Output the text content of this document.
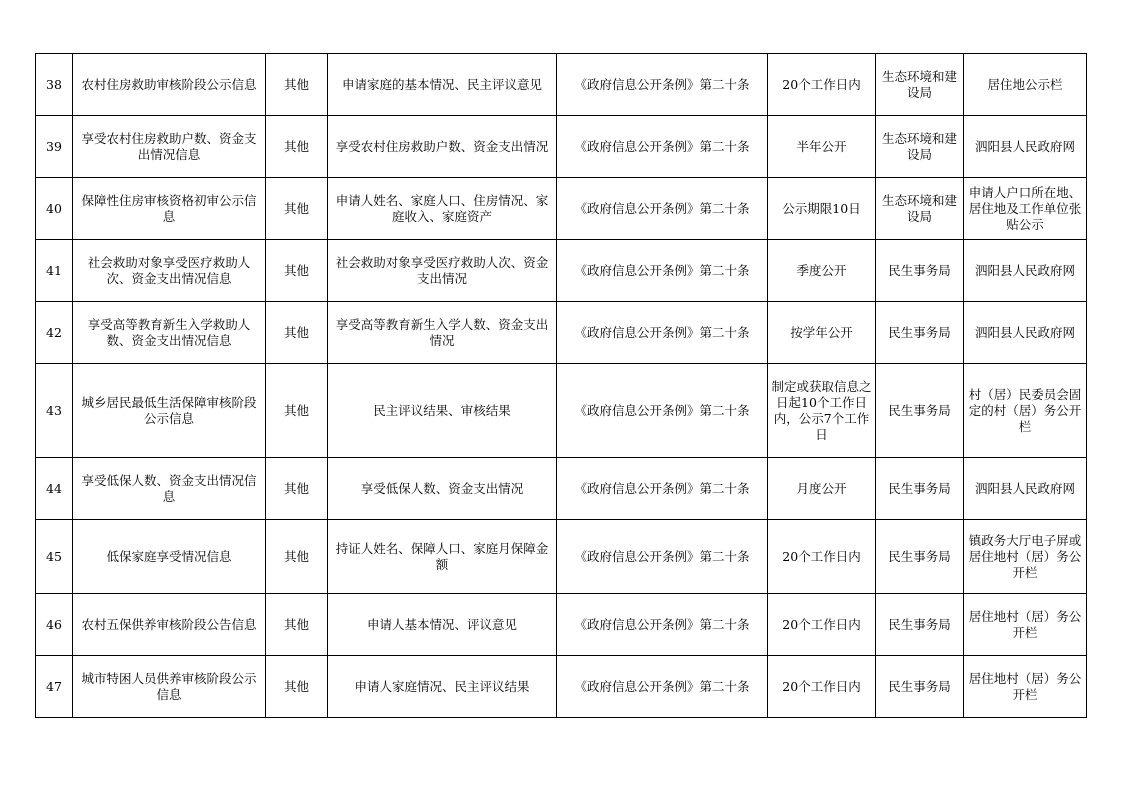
38	农村住房救助审核阶段公示信息	其他	申请家庭的基本情况、民主评议意见	《政府信息公开条例》第二十条	20个工作日内	生态环境和建设局	居住地公示栏
39	享受农村住房救助户数、资金支出情况信息	其他	享受农村住房救助户数、资金支出情况	《政府信息公开条例》第二十条	半年公开	生态环境和建设局	泗阳县人民政府网
40	保障性住房审核资格初审公示信息	其他	申请人姓名、家庭人口、住房情况、家庭收入、家庭资产	《政府信息公开条例》第二十条	公示期限10日	生态环境和建设局	申请人户口所在地、居住地及工作单位张贴公示
41	社会救助对象享受医疗救助人次、资金支出情况信息	其他	社会救助对象享受医疗救助人次、资金支出情况	《政府信息公开条例》第二十条	季度公开	民生事务局	泗阳县人民政府网
42	享受高等教育新生入学救助人数、资金支出情况信息	其他	享受高等教育新生入学人数、资金支出情况	《政府信息公开条例》第二十条	按学年公开	民生事务局	泗阳县人民政府网
43	城乡居民最低生活保障审核阶段公示信息	其他	民主评议结果、审核结果	《政府信息公开条例》第二十条	制定或获取信息之日起10个工作日内，公示7个工作日	民生事务局	村（居）民委员会固定的村（居）务公开栏
44	享受低保人数、资金支出情况信息	其他	享受低保人数、资金支出情况	《政府信息公开条例》第二十条	月度公开	民生事务局	泗阳县人民政府网
45	低保家庭享受情况信息	其他	持证人姓名、保障人口、家庭月保障金额	《政府信息公开条例》第二十条	20个工作日内	民生事务局	镇政务大厅电子屏或居住地村（居）务公开栏
46	农村五保供养审核阶段公告信息	其他	申请人基本情况、评议意见	《政府信息公开条例》第二十条	20个工作日内	民生事务局	居住地村（居）务公开栏
47	城市特困人员供养审核阶段公示信息	其他	申请人家庭情况、民主评议结果	《政府信息公开条例》第二十条	20个工作日内	民生事务局	居住地村（居）务公开栏
